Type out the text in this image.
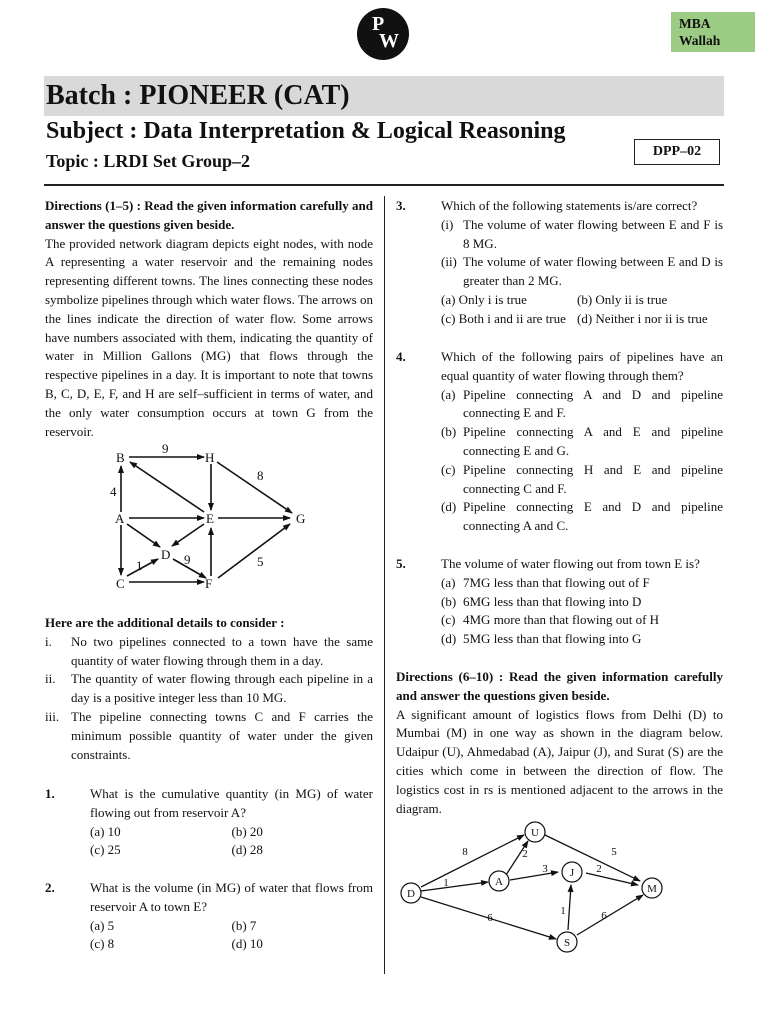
P
W
MBA
Wallah
Batch : PIONEER (CAT)
Subject : Data Interpretation & Logical Reasoning
Topic : LRDI Set Group–2	DPP–02

Directions (1–5) : Read the given information carefully and answer the questions given beside.

The provided network diagram depicts eight nodes, with node A representing a water reservoir and the remaining nodes representing different towns. The lines connecting these nodes symbolize pipelines through which water flows. The arrows on the lines indicate the direction of water flow. Some arrows have numbers associated with them, indicating the quantity of water in Million Gallons (MG) that flows through the respective pipelines in a day. It is important to note that towns B, C, D, E, F, and H are self–sufficient in terms of water, and the only water consumption occurs at town G from the reservoir.

B	H
A	E	G
D
C	F
9
8
4
1	9	5

Here are the additional details to consider :

i.	No two pipelines connected to a town have the same quantity of water flowing through them in a day.
ii.	The quantity of water flowing through each pipeline in a day is a positive integer less than 10 MG.
iii. The pipeline connecting towns C and F carries the minimum possible quantity of water under the given constraints.
1.	What is the cumulative quantity (in MG) of water flowing out from reservoir A?
(a) 10	(b) 20
(c) 25	(d) 28
2.	What is the volume (in MG) of water that flows from reservoir A to town E?
(a) 5	(b) 7
(c) 8	(d) 10
3.	Which of the following statements is/are correct?
(i) The volume of water flowing between E and F is 8 MG.
(ii) The volume of water flowing between E and D is greater than 2 MG.
(a) Only i is true	(b) Only ii is true
(c) Both i and ii are true (d) Neither i nor ii is true
4.	Which of the following pairs of pipelines have an equal quantity of water flowing through them?
(a) Pipeline connecting A and D and pipeline connecting E and F.
(b) Pipeline connecting A and E and pipeline connecting E and G.
(c) Pipeline connecting H and E and pipeline connecting C and F.
(d) Pipeline connecting E and D and pipeline connecting A and C.
5.	The volume of water flowing out from town E is?
(a) 7MG less than that flowing out of F
(b) 6MG less than that flowing into D
(c) 4MG more than that flowing out of H
(d) 5MG less than that flowing into G

Directions (6–10) : Read the given information carefully and answer the questions given beside.

A significant amount of logistics flows from Delhi (D) to Mumbai (M) in one way as shown in the diagram below. Udaipur (U), Ahmedabad (A), Jaipur (J), and Surat (S) are the cities which come in between the direction of flow. The logistics cost in rs is mentioned adjacent to the arrows in the diagram.

D
A
U
J
S
M
8
1
2
3	2
5
6
1	6
